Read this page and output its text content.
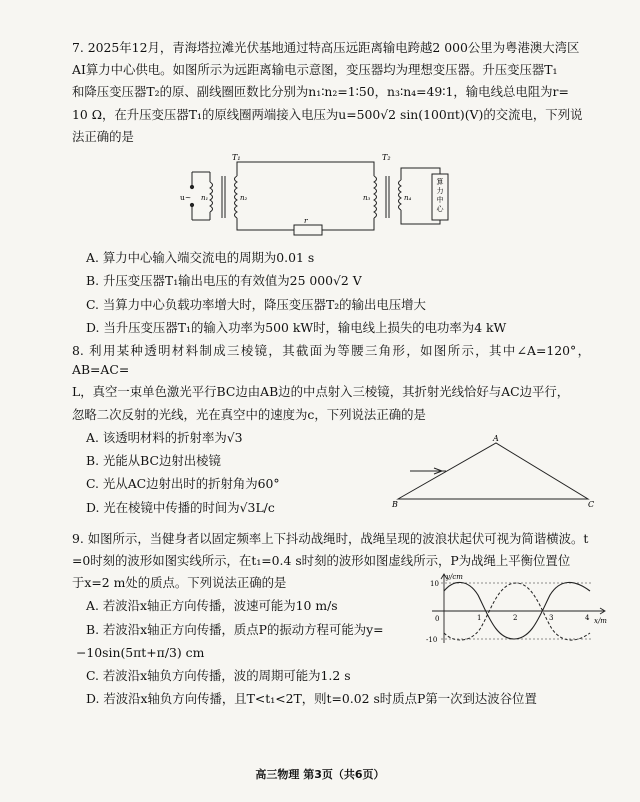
7. 2025年12月，青海塔拉滩光伏基地通过特高压远距离输电跨越2 000公里为粤港澳大湾区

AI算力中心供电。如图所示为远距离输电示意图，变压器均为理想变压器。升压变压器T₁

和降压变压器T₂的原、副线圈匝数比分别为n₁∶n₂=1∶50，n₃∶n₄=49∶1，输电线总电阻为r=

10 Ω，在升压变压器T₁的原线圈两端接入电压为u=500√2 sin(100πt)(V)的交流电，下列说

法正确的是

u~
T₁
n₁	n₂
T₂
n₃	n₄
r
算力中心

A. 算力中心输入端交流电的周期为0.01 s

B. 升压变压器T₁输出电压的有效值为25 000√2 V

C. 当算力中心负载功率增大时，降压变压器T₂的输出电压增大

D. 当升压变压器T₁的输入功率为500 kW时，输电线上损失的电功率为4 kW

8. 利用某种透明材料制成三棱镜，其截面为等腰三角形，如图所示，其中∠A=120°，AB=AC=

L，真空一束单色激光平行BC边由AB边的中点射入三棱镜，其折射光线恰好与AC边平行，

忽略二次反射的光线，光在真空中的速度为c，下列说法正确的是

A. 该透明材料的折射率为√3

B. 光能从BC边射出棱镜

C. 光从AC边射出时的折射角为60°

D. 光在棱镜中传播的时间为√3L/c

A
B	C

9. 如图所示，当健身者以固定频率上下抖动战绳时，战绳呈现的波浪状起伏可视为简谐横波。t

=0时刻的波形如图实线所示，在t₁=0.4 s时刻的波形如图虚线所示，P为战绳上平衡位置位

于x=2 m处的质点。下列说法正确的是

A. 若波沿x轴正方向传播，波速可能为10 m/s

B. 若波沿x轴正方向传播，质点P的振动方程可能为y=

−10sin(5πt+π/3) cm

C. 若波沿x轴负方向传播，波的周期可能为1.2 s

D. 若波沿x轴负方向传播，且T<t₁<2T，则t=0.02 s时质点P第一次到达波谷位置

y/cm
x/m
0
10
-10
1	2	3	4
高三物理 第3页（共6页）
